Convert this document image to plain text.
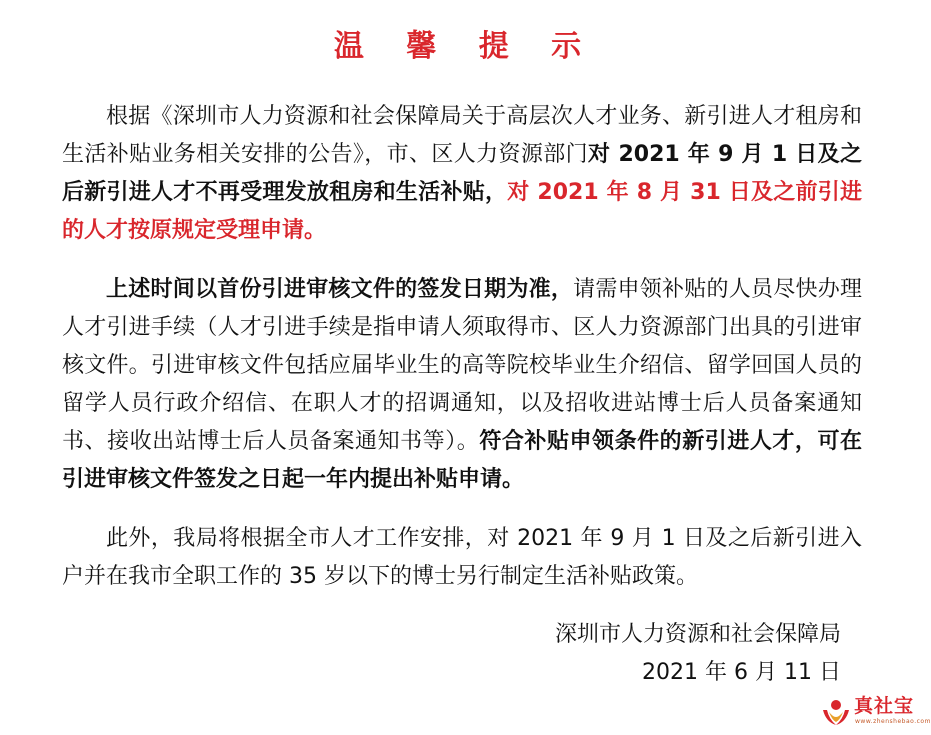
温 馨 提 示

根据《深圳市人力资源和社会保障局关于高层次人才业务、新引进人才租房和生活补贴业务相关安排的公告》，市、区人力资源部门对 2021 年 9 月 1 日及之后新引进人才不再受理发放租房和生活补贴，对 2021 年 8 月 31 日及之前引进的人才按原规定受理申请。

上述时间以首份引进审核文件的签发日期为准，请需申领补贴的人员尽快办理人才引进手续（人才引进手续是指申请人须取得市、区人力资源部门出具的引进审核文件。引进审核文件包括应届毕业生的高等院校毕业生介绍信、留学回国人员的留学人员行政介绍信、在职人才的招调通知，以及招收进站博士后人员备案通知书、接收出站博士后人员备案通知书等）。符合补贴申领条件的新引进人才，可在引进审核文件签发之日起一年内提出补贴申请。

此外，我局将根据全市人才工作安排，对 2021 年 9 月 1 日及之后新引进入户并在我市全职工作的 35 岁以下的博士另行制定生活补贴政策。

深圳市人力资源和社会保障局
2021 年 6 月 11 日
真社宝
www.zhenshebao.com
